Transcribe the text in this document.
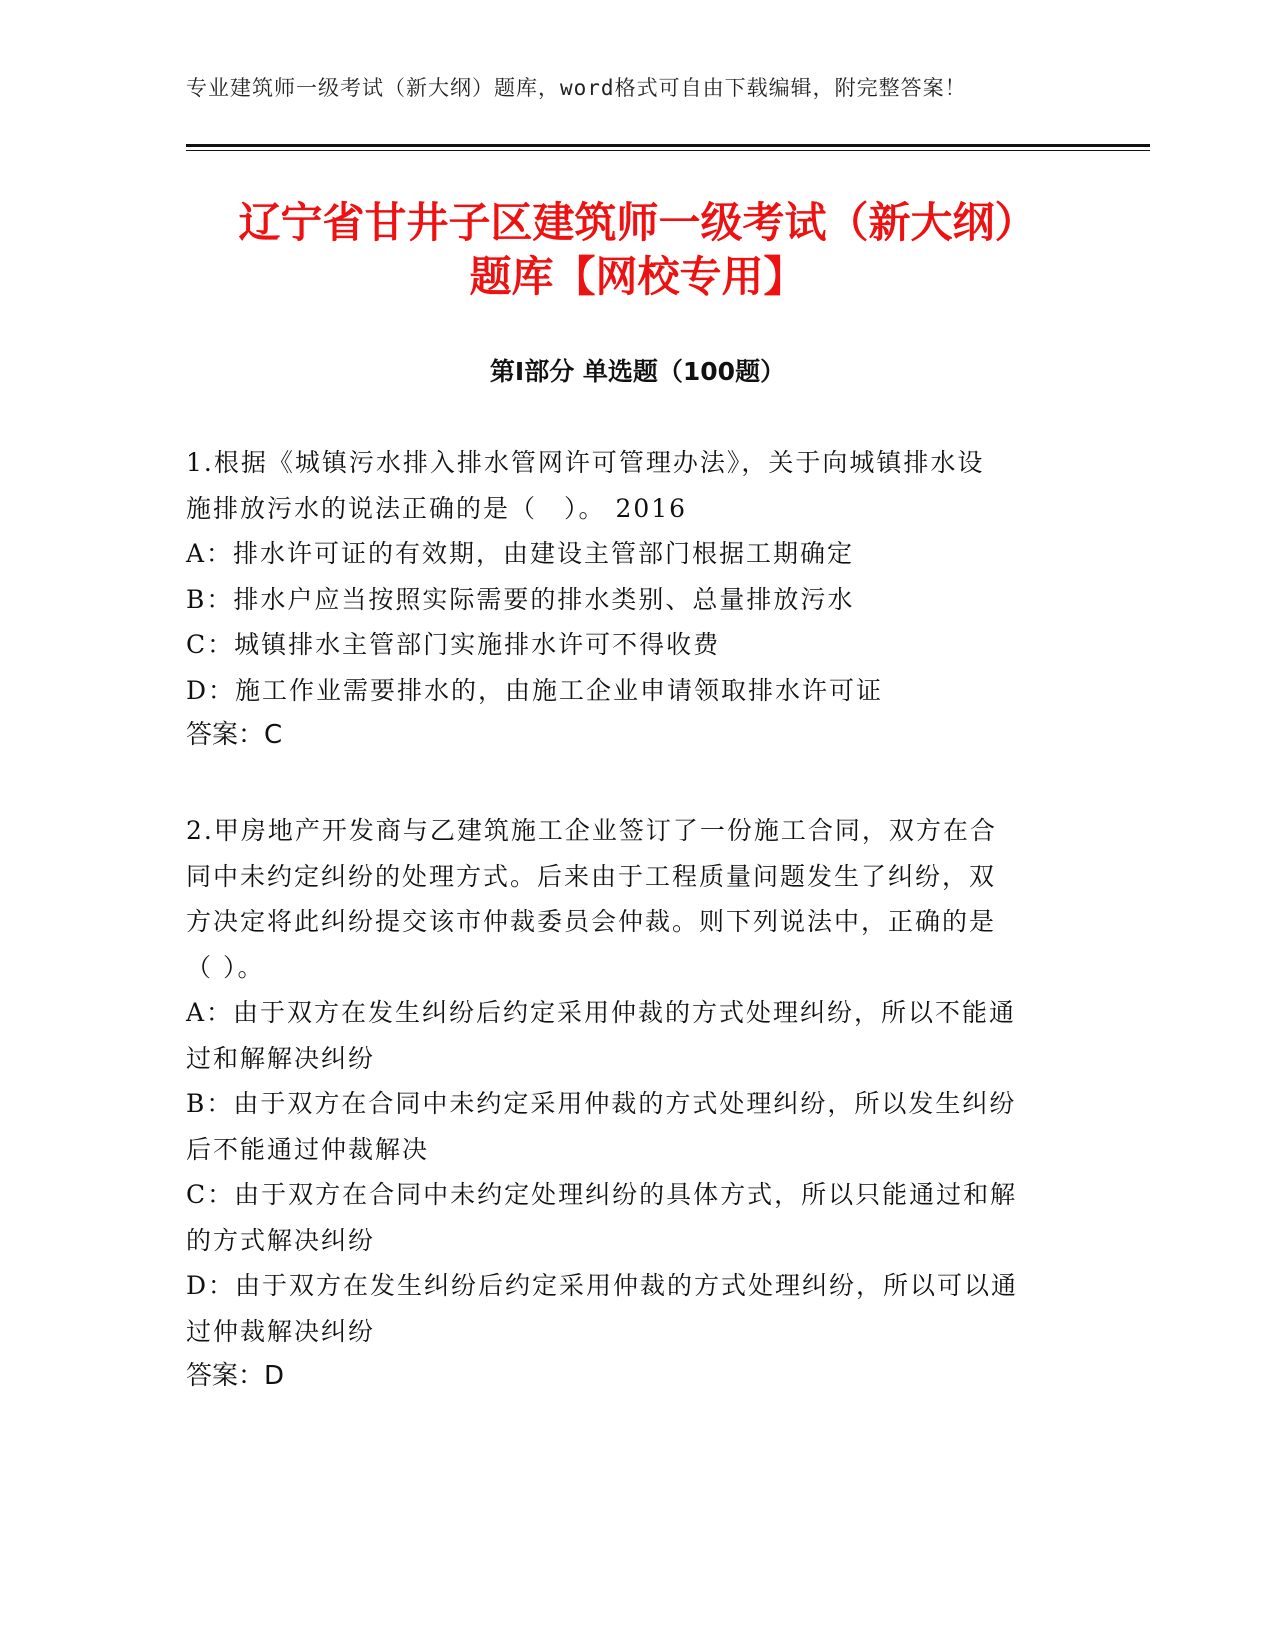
专业建筑师一级考试（新大纲）题库，word格式可自由下载编辑，附完整答案！
辽宁省甘井子区建筑师一级考试（新大纲）
题库【网校专用】
第Ⅰ部分 单选题（100题）
1.根据《城镇污水排入排水管网许可管理办法》，关于向城镇排水设
施排放污水的说法正确的是（　）。 2016
A：排水许可证的有效期，由建设主管部门根据工期确定
B：排水户应当按照实际需要的排水类别、总量排放污水
C：城镇排水主管部门实施排水许可不得收费
D：施工作业需要排水的，由施工企业申请领取排水许可证
答案：C
2.甲房地产开发商与乙建筑施工企业签订了一份施工合同，双方在合
同中未约定纠纷的处理方式。后来由于工程质量问题发生了纠纷，双
方决定将此纠纷提交该市仲裁委员会仲裁。则下列说法中，正确的是
（ ）。
A：由于双方在发生纠纷后约定采用仲裁的方式处理纠纷，所以不能通
过和解解决纠纷
B：由于双方在合同中未约定采用仲裁的方式处理纠纷，所以发生纠纷
后不能通过仲裁解决
C：由于双方在合同中未约定处理纠纷的具体方式，所以只能通过和解
的方式解决纠纷
D：由于双方在发生纠纷后约定采用仲裁的方式处理纠纷，所以可以通
过仲裁解决纠纷
答案：D
